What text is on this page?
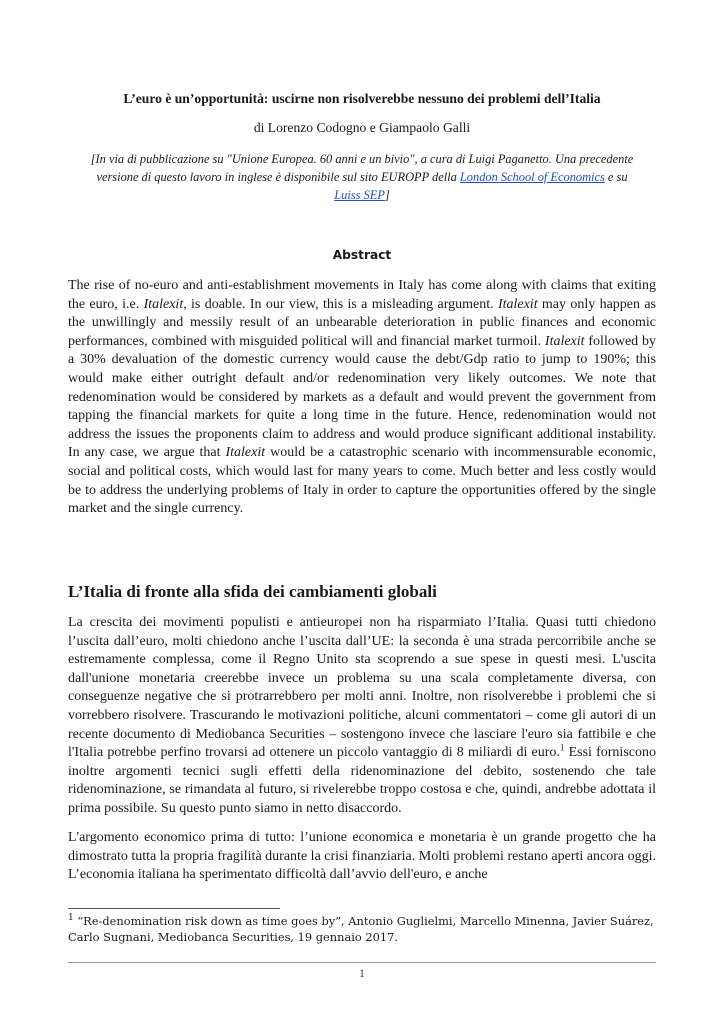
L’euro è un’opportunità: uscirne non risolverebbe nessuno dei problemi dell’Italia
di Lorenzo Codogno e Giampaolo Galli
[In via di pubblicazione su "Unione Europea. 60 anni e un bivio", a cura di Luigi Paganetto. Una precedente versione di questo lavoro in inglese è disponibile sul sito EUROPP della London School of Economics e su Luiss SEP]
Abstract
The rise of no-euro and anti-establishment movements in Italy has come along with claims that exiting the euro, i.e. Italexit, is doable. In our view, this is a misleading argument. Italexit may only happen as the unwillingly and messily result of an unbearable deterioration in public finances and economic performances, combined with misguided political will and financial market turmoil. Italexit followed by a 30% devaluation of the domestic currency would cause the debt/Gdp ratio to jump to 190%; this would make either outright default and/or redenomination very likely outcomes. We note that redenomination would be considered by markets as a default and would prevent the government from tapping the financial markets for quite a long time in the future. Hence, redenomination would not address the issues the proponents claim to address and would produce significant additional instability. In any case, we argue that Italexit would be a catastrophic scenario with incommensurable economic, social and political costs, which would last for many years to come. Much better and less costly would be to address the underlying problems of Italy in order to capture the opportunities offered by the single market and the single currency.
L’Italia di fronte alla sfida dei cambiamenti globali
La crescita dei movimenti populisti e antieuropei non ha risparmiato l’Italia. Quasi tutti chiedono l’uscita dall’euro, molti chiedono anche l’uscita dall’UE: la seconda è una strada percorribile anche se estremamente complessa, come il Regno Unito sta scoprendo a sue spese in questi mesi. L'uscita dall'unione monetaria creerebbe invece un problema su una scala completamente diversa, con conseguenze negative che si protrarrebbero per molti anni. Inoltre, non risolverebbe i problemi che si vorrebbero risolvere. Trascurando le motivazioni politiche, alcuni commentatori – come gli autori di un recente documento di Mediobanca Securities – sostengono invece che lasciare l'euro sia fattibile e che l'Italia potrebbe perfino trovarsi ad ottenere un piccolo vantaggio di 8 miliardi di euro.$^1$ Essi forniscono inoltre argomenti tecnici sugli effetti della ridenominazione del debito, sostenendo che tale ridenominazione, se rimandata al futuro, si rivelerebbe troppo costosa e che, quindi, andrebbe adottata il prima possibile. Su questo punto siamo in netto disaccordo.
L'argomento economico prima di tutto: l’unione economica e monetaria è un grande progetto che ha dimostrato tutta la propria fragilità durante la crisi finanziaria. Molti problemi restano aperti ancora oggi. L’economia italiana ha sperimentato difficoltà dall’avvio dell'euro, e anche
$^1$ “Re-denomination risk down as time goes by”, Antonio Guglielmi, Marcello Minenna, Javier Suárez, Carlo Sugnani, Mediobanca Securities, 19 gennaio 2017.
1
